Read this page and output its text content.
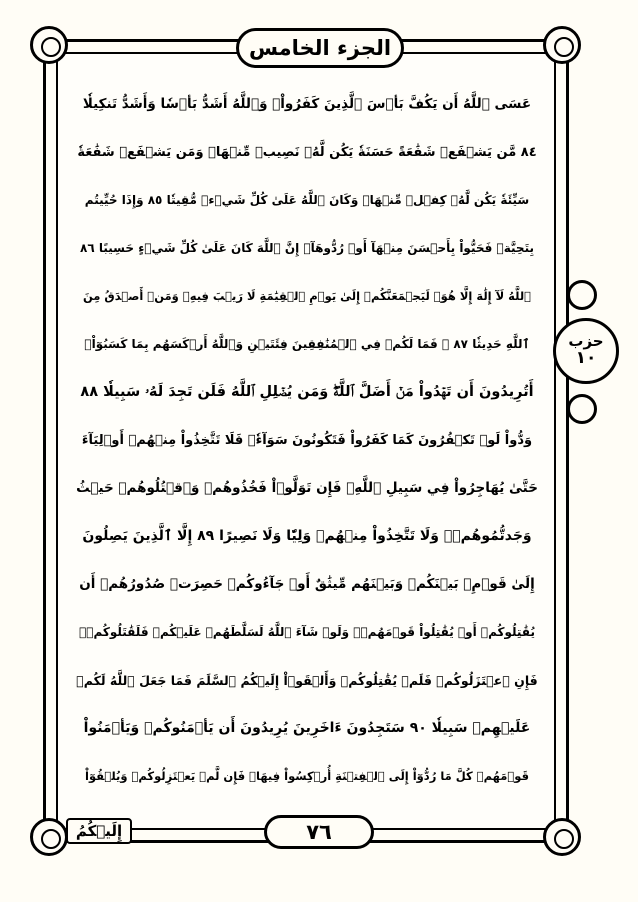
الجزء الخامس
حزب
١٠
عَسَى ٱللَّهُ أَن يَكُفَّ بَأۡسَ ٱلَّذِينَ كَفَرُواْۚ وَٱللَّهُ أَشَدُّ بَأۡسٗا وَأَشَدُّ تَنكِيلٗا
٨٤ مَّن يَشۡفَعۡ شَفَٰعَةً حَسَنَةٗ يَكُن لَّهُۥ نَصِيبٞ مِّنۡهَاۖ وَمَن يَشۡفَعۡ شَفَٰعَةٗ
سَيِّئَةٗ يَكُن لَّهُۥ كِفۡلٞ مِّنۡهَاۗ وَكَانَ ٱللَّهُ عَلَىٰ كُلِّ شَيۡءٖ مُّقِيتٗا ٨٥ وَإِذَا حُيِّيتُم
بِتَحِيَّةٖ فَحَيُّواْ بِأَحۡسَنَ مِنۡهَآ أَوۡ رُدُّوهَآۗ إِنَّ ٱللَّهَ كَانَ عَلَىٰ كُلِّ شَيۡءٍ حَسِيبًا ٨٦
ٱللَّهُ لَآ إِلَٰهَ إِلَّا هُوَۚ لَيَجۡمَعَنَّكُمۡ إِلَىٰ يَوۡمِ ٱلۡقِيَٰمَةِ لَا رَيۡبَ فِيهِۗ وَمَنۡ أَصۡدَقُ مِنَ
ٱللَّهِ حَدِيثٗا ٨٧ ۞ فَمَا لَكُمۡ فِي ٱلۡمُنَٰفِقِينَ فِئَتَيۡنِ وَٱللَّهُ أَرۡكَسَهُم بِمَا كَسَبُوٓاْۚ
أَتُرِيدُونَ أَن تَهۡدُواْ مَنۡ أَضَلَّ ٱللَّهُۖ وَمَن يُضۡلِلِ ٱللَّهُ فَلَن تَجِدَ لَهُۥ سَبِيلٗا ٨٨
وَدُّواْ لَوۡ تَكۡفُرُونَ كَمَا كَفَرُواْ فَتَكُونُونَ سَوَآءٗۖ فَلَا تَتَّخِذُواْ مِنۡهُمۡ أَوۡلِيَآءَ
حَتَّىٰ يُهَاجِرُواْ فِي سَبِيلِ ٱللَّهِۚ فَإِن تَوَلَّوۡاْ فَخُذُوهُمۡ وَٱقۡتُلُوهُمۡ حَيۡثُ
وَجَدتُّمُوهُمۡۖ وَلَا تَتَّخِذُواْ مِنۡهُمۡ وَلِيّٗا وَلَا نَصِيرًا ٨٩ إِلَّا ٱلَّذِينَ يَصِلُونَ
إِلَىٰ قَوۡمِۭ بَيۡنَكُمۡ وَبَيۡنَهُم مِّيثَٰقٌ أَوۡ جَآءُوكُمۡ حَصِرَتۡ صُدُورُهُمۡ أَن
يُقَٰتِلُوكُمۡ أَوۡ يُقَٰتِلُواْ قَوۡمَهُمۡۚ وَلَوۡ شَآءَ ٱللَّهُ لَسَلَّطَهُمۡ عَلَيۡكُمۡ فَلَقَٰتَلُوكُمۡۚ
فَإِنِ ٱعۡتَزَلُوكُمۡ فَلَمۡ يُقَٰتِلُوكُمۡ وَأَلۡقَوۡاْ إِلَيۡكُمُ ٱلسَّلَمَ فَمَا جَعَلَ ٱللَّهُ لَكُمۡ
عَلَيۡهِمۡ سَبِيلٗا ٩٠ سَتَجِدُونَ ءَاخَرِينَ يُرِيدُونَ أَن يَأۡمَنُوكُمۡ وَيَأۡمَنُواْ
قَوۡمَهُمۡ كُلَّ مَا رُدُّوٓاْ إِلَى ٱلۡفِتۡنَةِ أُرۡكِسُواْ فِيهَاۚ فَإِن لَّمۡ يَعۡتَزِلُوكُمۡ وَيُلۡقُوٓاْ
إِلَيۡكُمُ	٧٦
